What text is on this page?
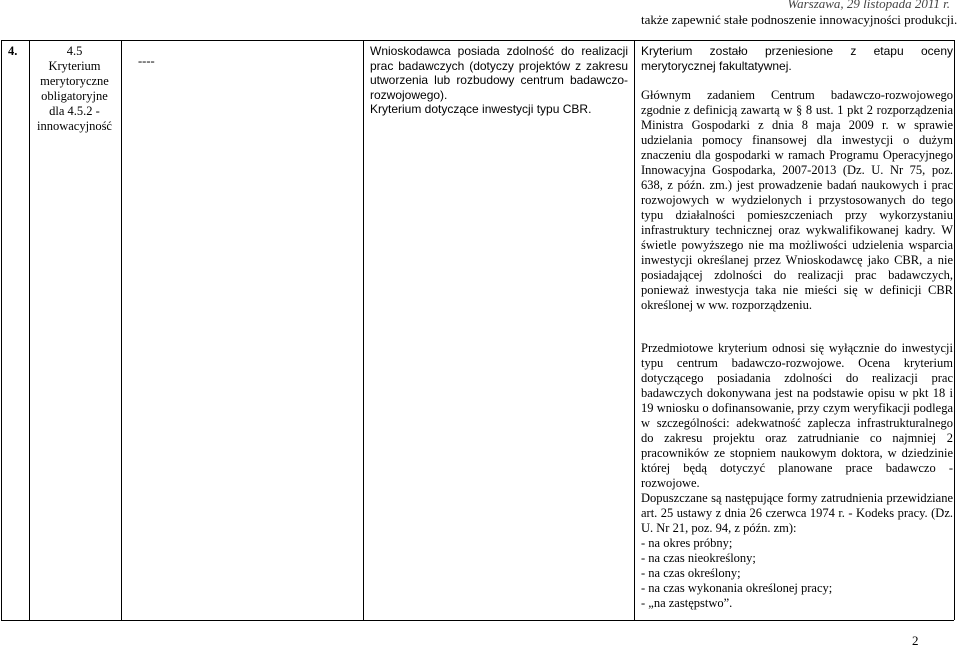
Warszawa, 29 listopada 2011 r.
także zapewnić stałe podnoszenie innowacyjności produkcji.
4.	4.5
Kryterium
merytoryczne
obligatoryjne
dla 4.5.2 -
innowacyjność
----

Wnioskodawca posiada zdolność do realizacji prac badawczych (dotyczy projektów z zakresu utworzenia lub rozbudowy centrum badawczo-rozwojowego).

Kryterium dotyczące inwestycji typu CBR.

Kryterium zostało przeniesione z etapu oceny merytorycznej fakultatywnej.

Głównym zadaniem Centrum badawczo-rozwojowego zgodnie z definicją zawartą w § 8 ust. 1 pkt 2 rozporządzenia Ministra Gospodarki z dnia 8 maja 2009 r. w sprawie udzielania pomocy finansowej dla inwestycji o dużym znaczeniu dla gospodarki w ramach Programu Operacyjnego Innowacyjna Gospodarka, 2007-2013 (Dz. U. Nr 75, poz. 638, z późn. zm.) jest prowadzenie badań naukowych i prac rozwojowych w wydzielonych i przystosowanych do tego typu działalności pomieszczeniach przy wykorzystaniu infrastruktury technicznej oraz wykwalifikowanej kadry. W świetle powyższego nie ma możliwości udzielenia wsparcia inwestycji określanej przez Wnioskodawcę jako CBR, a nie posiadającej zdolności do realizacji prac badawczych, ponieważ inwestycja taka nie mieści się w definicji CBR określonej w ww. rozporządzeniu.

Przedmiotowe kryterium odnosi się wyłącznie do inwestycji typu centrum badawczo-rozwojowe. Ocena kryterium dotyczącego posiadania zdolności do realizacji prac badawczych dokonywana jest na podstawie opisu w pkt 18 i 19 wniosku o dofinansowanie, przy czym weryfikacji podlega w szczególności: adekwatność zaplecza infrastrukturalnego do zakresu projektu oraz zatrudnianie co najmniej 2 pracowników ze stopniem naukowym doktora, w dziedzinie której będą dotyczyć planowane prace badawczo - rozwojowe.

Dopuszczane są następujące formy zatrudnienia przewidziane art. 25 ustawy z dnia 26 czerwca 1974 r. - Kodeks pracy. (Dz. U. Nr 21, poz. 94, z późn. zm):

- na okres próbny;
- na czas nieokreślony;
- na czas określony;
- na czas wykonania określonej pracy;
- „na zastępstwo”.
2
